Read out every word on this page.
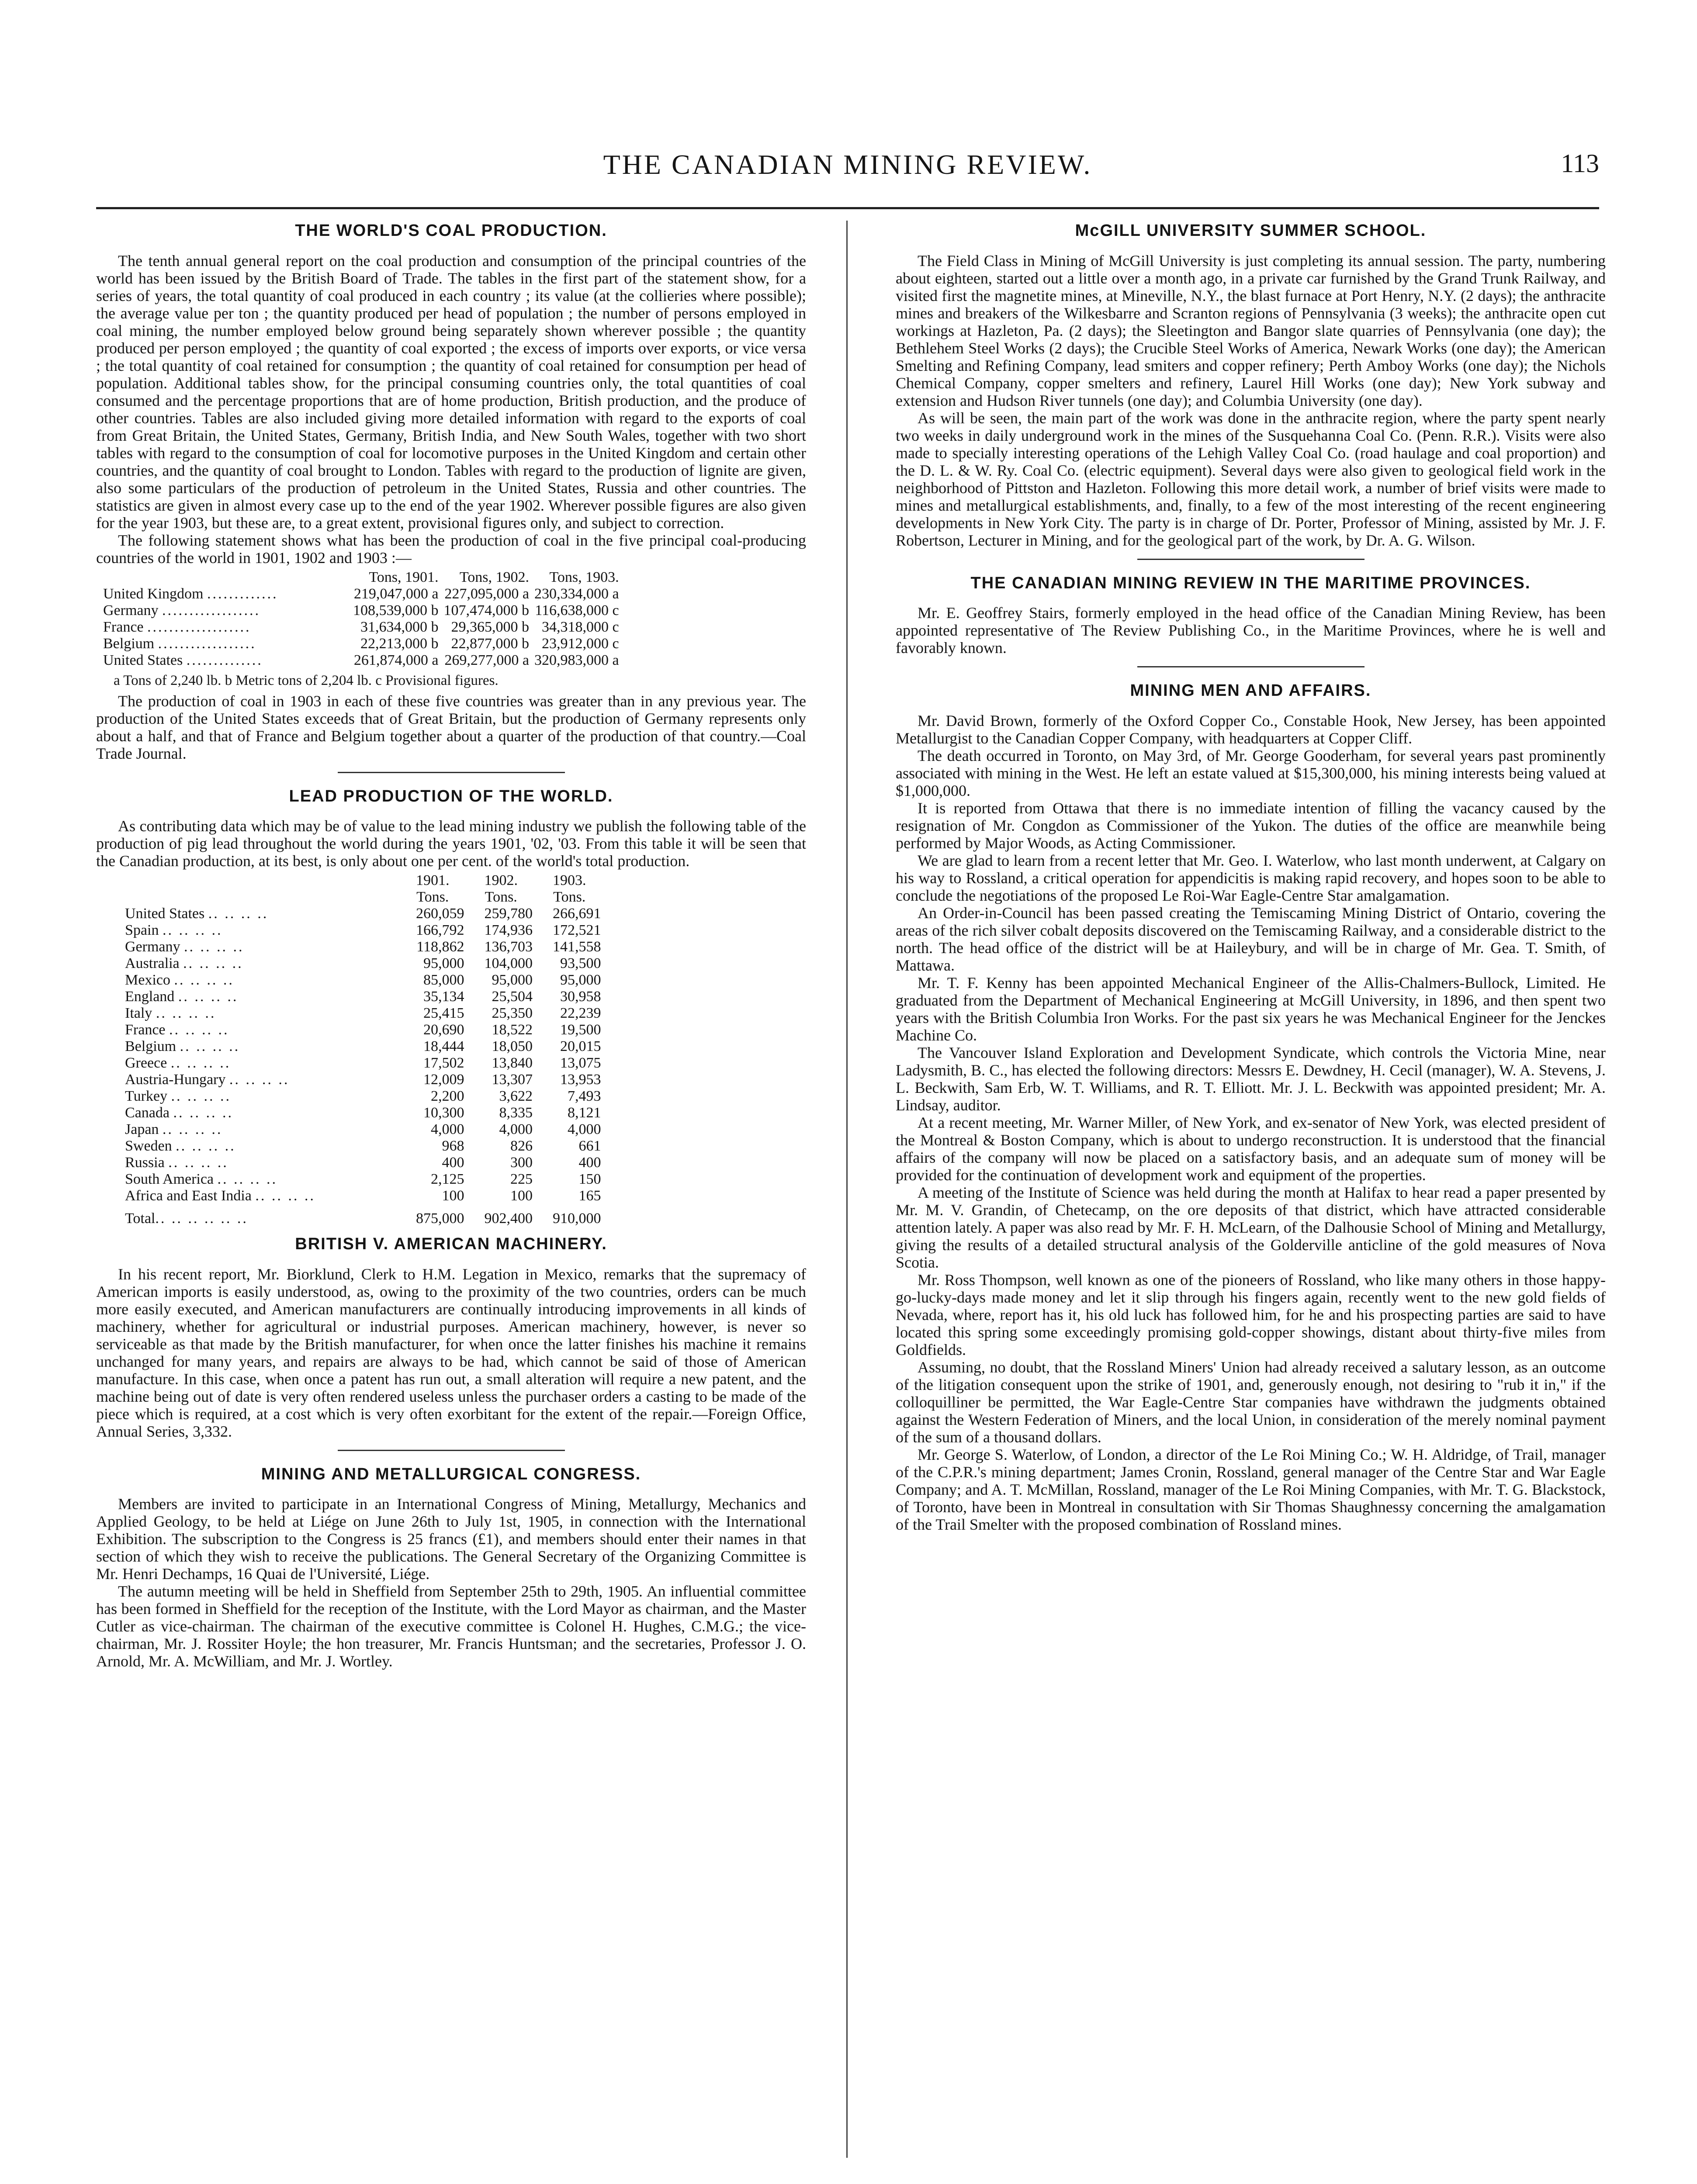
THE CANADIAN MINING REVIEW.	113
THE WORLD'S COAL PRODUCTION.

The tenth annual general report on the coal production and consumption of the principal countries of the world has been issued by the British Board of Trade. The tables in the first part of the statement show, for a series of years, the total quantity of coal produced in each country ; its value (at the collieries where possible); the average value per ton ; the quantity produced per head of population ; the number of persons employed in coal mining, the number employed below ground being separately shown wherever possible ; the quantity produced per person employed ; the quantity of coal exported ; the excess of imports over exports, or vice versa ; the total quantity of coal retained for consumption ; the quantity of coal retained for consumption per head of population. Additional tables show, for the principal consuming countries only, the total quantities of coal consumed and the percentage proportions that are of home production, British production, and the produce of other countries. Tables are also included giving more detailed information with regard to the exports of coal from Great Britain, the United States, Germany, British India, and New South Wales, together with two short tables with regard to the consumption of coal for locomotive purposes in the United Kingdom and certain other countries, and the quantity of coal brought to London. Tables with regard to the production of lignite are given, also some particulars of the production of petroleum in the United States, Russia and other countries. The statistics are given in almost every case up to the end of the year 1902. Wherever possible figures are also given for the year 1903, but these are, to a great extent, provisional figures only, and subject to correction.

The following statement shows what has been the production of coal in the five principal coal-producing countries of the world in 1901, 1902 and 1903 :—

	Tons, 1901.	Tons, 1902.	Tons, 1903.
United Kingdom .............	219,047,000 a	227,095,000 a	230,334,000 a
Germany ..................	108,539,000 b	107,474,000 b	116,638,000 c
France ...................	31,634,000 b	29,365,000 b	34,318,000 c
Belgium ..................	22,213,000 b	22,877,000 b	23,912,000 c
United States ..............	261,874,000 a	269,277,000 a	320,983,000 a
a Tons of 2,240 lb. b Metric tons of 2,204 lb. c Provisional figures.

The production of coal in 1903 in each of these five countries was greater than in any previous year. The production of the United States exceeds that of Great Britain, but the production of Germany represents only about a half, and that of France and Belgium together about a quarter of the production of that country.—Coal Trade Journal.

LEAD PRODUCTION OF THE WORLD.

As contributing data which may be of value to the lead mining industry we publish the following table of the production of pig lead throughout the world during the years 1901, '02, '03. From this table it will be seen that the Canadian production, at its best, is only about one per cent. of the world's total production.

	1901.	1902.	1903.
	Tons.	Tons.	Tons.
United States .. .. .. ..	260,059	259,780	266,691
Spain .. .. .. ..	166,792	174,936	172,521
Germany .. .. .. ..	118,862	136,703	141,558
Australia .. .. .. ..	95,000	104,000	93,500
Mexico .. .. .. ..	85,000	95,000	95,000
England .. .. .. ..	35,134	25,504	30,958
Italy .. .. .. ..	25,415	25,350	22,239
France .. .. .. ..	20,690	18,522	19,500
Belgium .. .. .. ..	18,444	18,050	20,015
Greece .. .. .. ..	17,502	13,840	13,075
Austria-Hungary .. .. .. ..	12,009	13,307	13,953
Turkey .. .. .. ..	2,200	3,622	7,493
Canada .. .. .. ..	10,300	8,335	8,121
Japan .. .. .. ..	4,000	4,000	4,000
Sweden .. .. .. ..	968	826	661
Russia .. .. .. ..	400	300	400
South America .. .. .. ..	2,125	225	150
Africa and East India .. .. .. ..	100	100	165
Total.. .. .. .. .. ..	875,000	902,400	910,000
BRITISH V. AMERICAN MACHINERY.

In his recent report, Mr. Biorklund, Clerk to H.M. Legation in Mexico, remarks that the supremacy of American imports is easily understood, as, owing to the proximity of the two countries, orders can be much more easily executed, and American manufacturers are continually introducing improvements in all kinds of machinery, whether for agricultural or industrial purposes. American machinery, however, is never so serviceable as that made by the British manufacturer, for when once the latter finishes his machine it remains unchanged for many years, and repairs are always to be had, which cannot be said of those of American manufacture. In this case, when once a patent has run out, a small alteration will require a new patent, and the machine being out of date is very often rendered useless unless the purchaser orders a casting to be made of the piece which is required, at a cost which is very often exorbitant for the extent of the repair.—Foreign Office, Annual Series, 3,332.

MINING AND METALLURGICAL CONGRESS.

Members are invited to participate in an International Congress of Mining, Metallurgy, Mechanics and Applied Geology, to be held at Liége on June 26th to July 1st, 1905, in connection with the International Exhibition. The subscription to the Congress is 25 francs (£1), and members should enter their names in that section of which they wish to receive the publications. The General Secretary of the Organizing Committee is Mr. Henri Dechamps, 16 Quai de l'Université, Liége.

The autumn meeting will be held in Sheffield from September 25th to 29th, 1905. An influential committee has been formed in Sheffield for the reception of the Institute, with the Lord Mayor as chairman, and the Master Cutler as vice-chairman. The chairman of the executive committee is Colonel H. Hughes, C.M.G.; the vice-chairman, Mr. J. Rossiter Hoyle; the hon treasurer, Mr. Francis Huntsman; and the secretaries, Professor J. O. Arnold, Mr. A. McWilliam, and Mr. J. Wortley.

McGILL UNIVERSITY SUMMER SCHOOL.

The Field Class in Mining of McGill University is just completing its annual session. The party, numbering about eighteen, started out a little over a month ago, in a private car furnished by the Grand Trunk Railway, and visited first the magnetite mines, at Mineville, N.Y., the blast furnace at Port Henry, N.Y. (2 days); the anthracite mines and breakers of the Wilkesbarre and Scranton regions of Pennsylvania (3 weeks); the anthracite open cut workings at Hazleton, Pa. (2 days); the Sleetington and Bangor slate quarries of Pennsylvania (one day); the Bethlehem Steel Works (2 days); the Crucible Steel Works of America, Newark Works (one day); the American Smelting and Refining Company, lead smiters and copper refinery; Perth Amboy Works (one day); the Nichols Chemical Company, copper smelters and refinery, Laurel Hill Works (one day); New York subway and extension and Hudson River tunnels (one day); and Columbia University (one day).

As will be seen, the main part of the work was done in the anthracite region, where the party spent nearly two weeks in daily underground work in the mines of the Susquehanna Coal Co. (Penn. R.R.). Visits were also made to specially interesting operations of the Lehigh Valley Coal Co. (road haulage and coal proportion) and the D. L. & W. Ry. Coal Co. (electric equipment). Several days were also given to geological field work in the neighborhood of Pittston and Hazleton. Following this more detail work, a number of brief visits were made to mines and metallurgical establishments, and, finally, to a few of the most interesting of the recent engineering developments in New York City. The party is in charge of Dr. Porter, Professor of Mining, assisted by Mr. J. F. Robertson, Lecturer in Mining, and for the geological part of the work, by Dr. A. G. Wilson.

THE CANADIAN MINING REVIEW IN THE MARITIME PROVINCES.

Mr. E. Geoffrey Stairs, formerly employed in the head office of the Canadian Mining Review, has been appointed representative of The Review Publishing Co., in the Maritime Provinces, where he is well and favorably known.

MINING MEN AND AFFAIRS.

Mr. David Brown, formerly of the Oxford Copper Co., Constable Hook, New Jersey, has been appointed Metallurgist to the Canadian Copper Company, with headquarters at Copper Cliff.

The death occurred in Toronto, on May 3rd, of Mr. George Gooderham, for several years past prominently associated with mining in the West. He left an estate valued at $15,300,000, his mining interests being valued at $1,000,000.

It is reported from Ottawa that there is no immediate intention of filling the vacancy caused by the resignation of Mr. Congdon as Commissioner of the Yukon. The duties of the office are meanwhile being performed by Major Woods, as Acting Commissioner.

We are glad to learn from a recent letter that Mr. Geo. I. Waterlow, who last month underwent, at Calgary on his way to Rossland, a critical operation for appendicitis is making rapid recovery, and hopes soon to be able to conclude the negotiations of the proposed Le Roi-War Eagle-Centre Star amalgamation.

An Order-in-Council has been passed creating the Temiscaming Mining District of Ontario, covering the areas of the rich silver cobalt deposits discovered on the Temiscaming Railway, and a considerable district to the north. The head office of the district will be at Haileybury, and will be in charge of Mr. Gea. T. Smith, of Mattawa.

Mr. T. F. Kenny has been appointed Mechanical Engineer of the Allis-Chalmers-Bullock, Limited. He graduated from the Department of Mechanical Engineering at McGill University, in 1896, and then spent two years with the British Columbia Iron Works. For the past six years he was Mechanical Engineer for the Jenckes Machine Co.

The Vancouver Island Exploration and Development Syndicate, which controls the Victoria Mine, near Ladysmith, B. C., has elected the following directors: Messrs E. Dewdney, H. Cecil (manager), W. A. Stevens, J. L. Beckwith, Sam Erb, W. T. Williams, and R. T. Elliott. Mr. J. L. Beckwith was appointed president; Mr. A. Lindsay, auditor.

At a recent meeting, Mr. Warner Miller, of New York, and ex-senator of New York, was elected president of the Montreal & Boston Company, which is about to undergo reconstruction. It is understood that the financial affairs of the company will now be placed on a satisfactory basis, and an adequate sum of money will be provided for the continuation of development work and equipment of the properties.

A meeting of the Institute of Science was held during the month at Halifax to hear read a paper presented by Mr. M. V. Grandin, of Chetecamp, on the ore deposits of that district, which have attracted considerable attention lately. A paper was also read by Mr. F. H. McLearn, of the Dalhousie School of Mining and Metallurgy, giving the results of a detailed structural analysis of the Golderville anticline of the gold measures of Nova Scotia.

Mr. Ross Thompson, well known as one of the pioneers of Rossland, who like many others in those happy-go-lucky-days made money and let it slip through his fingers again, recently went to the new gold fields of Nevada, where, report has it, his old luck has followed him, for he and his prospecting parties are said to have located this spring some exceedingly promising gold-copper showings, distant about thirty-five miles from Goldfields.

Assuming, no doubt, that the Rossland Miners' Union had already received a salutary lesson, as an outcome of the litigation consequent upon the strike of 1901, and, generously enough, not desiring to "rub it in," if the colloquilliner be permitted, the War Eagle-Centre Star companies have withdrawn the judgments obtained against the Western Federation of Miners, and the local Union, in consideration of the merely nominal payment of the sum of a thousand dollars.

Mr. George S. Waterlow, of London, a director of the Le Roi Mining Co.; W. H. Aldridge, of Trail, manager of the C.P.R.'s mining department; James Cronin, Rossland, general manager of the Centre Star and War Eagle Company; and A. T. McMillan, Rossland, manager of the Le Roi Mining Companies, with Mr. T. G. Blackstock, of Toronto, have been in Montreal in consultation with Sir Thomas Shaughnessy concerning the amalgamation of the Trail Smelter with the proposed combination of Rossland mines.
